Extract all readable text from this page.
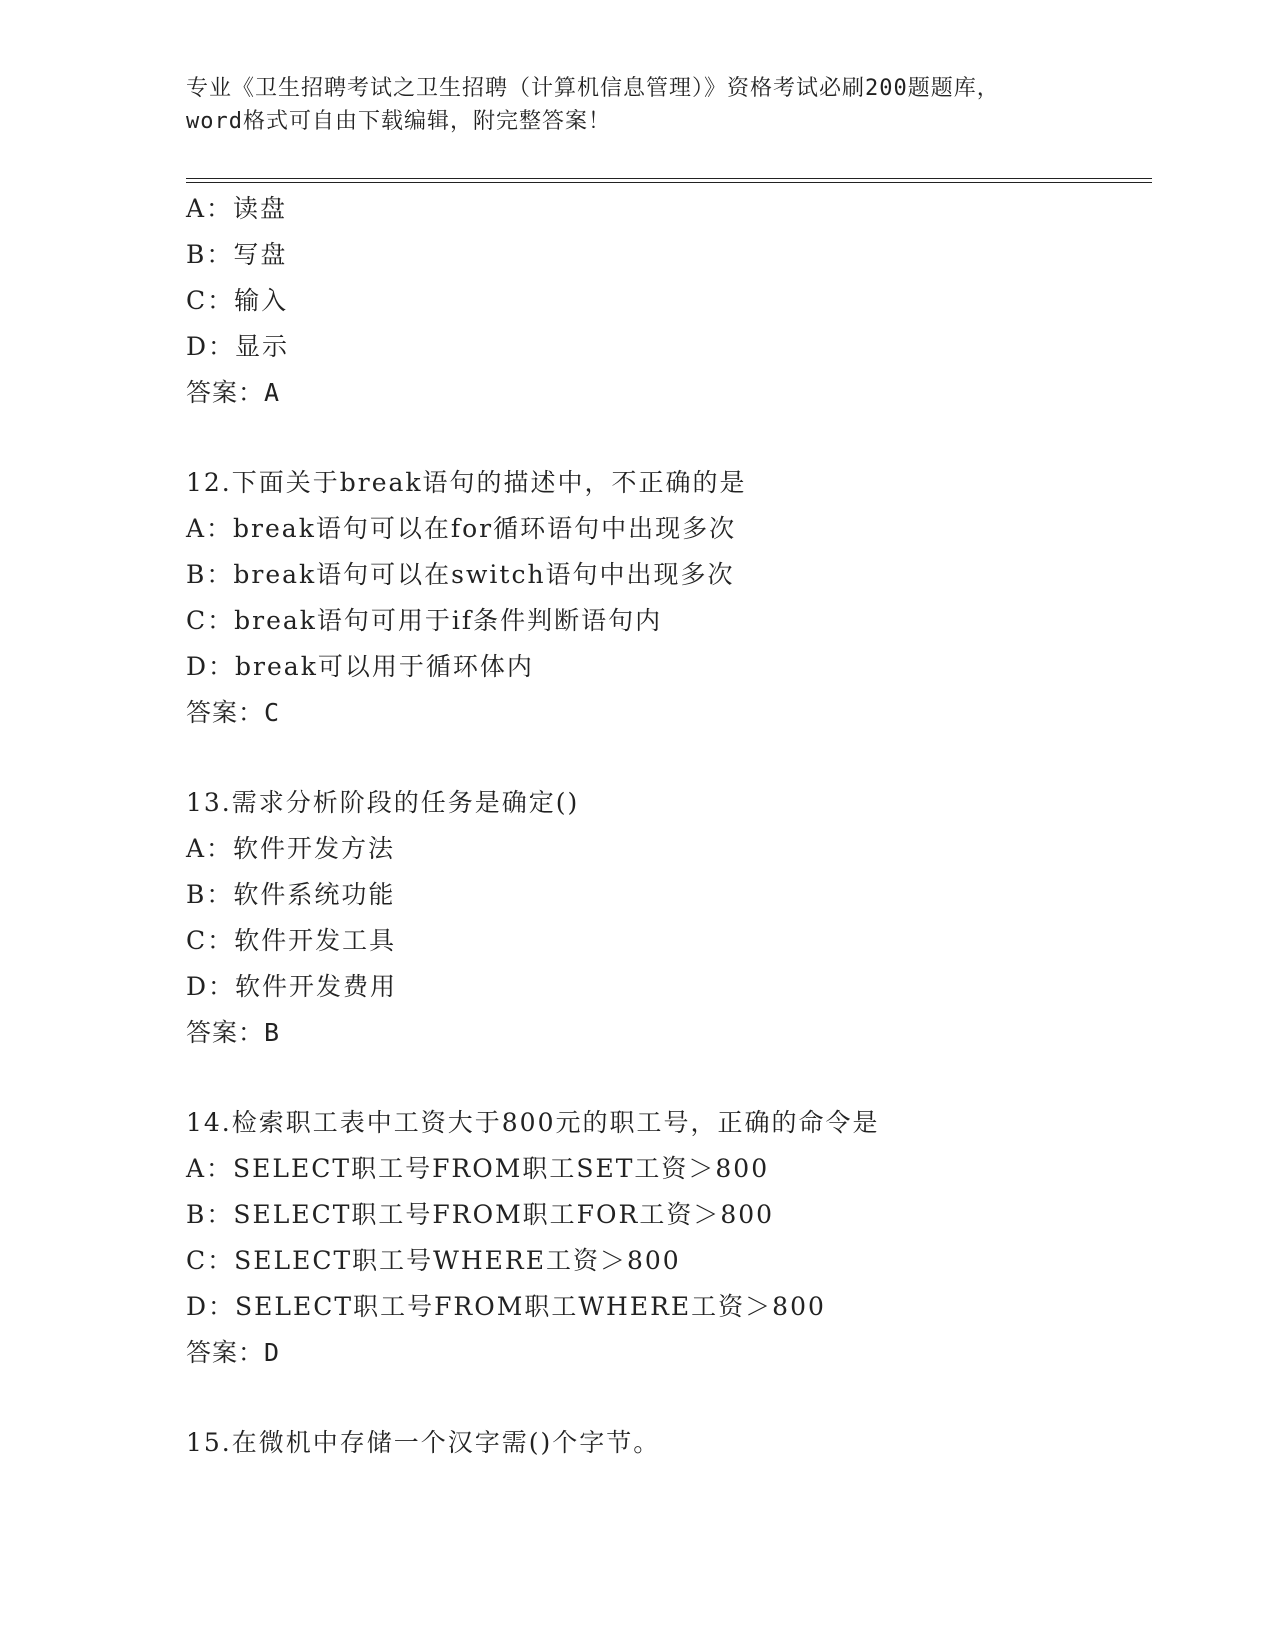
专业《卫生招聘考试之卫生招聘（计算机信息管理）》资格考试必刷200题题库，
word格式可自由下载编辑，附完整答案！
A：读盘
B：写盘
C：输入
D：显示
答案：A
12.下面关于break语句的描述中，不正确的是
A：break语句可以在for循环语句中出现多次
B：break语句可以在switch语句中出现多次
C：break语句可用于if条件判断语句内
D：break可以用于循环体内
答案：C
13.需求分析阶段的任务是确定()
A：软件开发方法
B：软件系统功能
C：软件开发工具
D：软件开发费用
答案：B
14.检索职工表中工资大于800元的职工号，正确的命令是
A：SELECT职工号FROM职工SET工资＞800
B：SELECT职工号FROM职工FOR工资＞800
C：SELECT职工号WHERE工资＞800
D：SELECT职工号FROM职工WHERE工资＞800
答案：D
15.在微机中存储一个汉字需()个字节。
